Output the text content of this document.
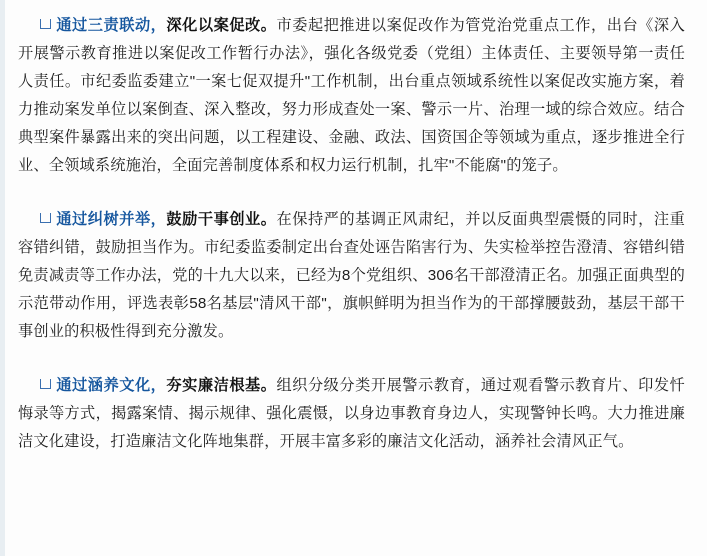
通过三责联动，深化以案促改。市委起把推进以案促改作为管党治党重点工作，出台《深入开展警示教育推进以案促改工作暂行办法》，强化各级党委（党组）主体责任、主要领导第一责任人责任。市纪委监委建立"一案七促双提升"工作机制，出台重点领域系统性以案促改实施方案，着力推动案发单位以案倒查、深入整改，努力形成查处一案、警示一片、治理一域的综合效应。结合典型案件暴露出来的突出问题，以工程建设、金融、政法、国资国企等领域为重点，逐步推进全行业、全领域系统施治，全面完善制度体系和权力运行机制，扎牢"不能腐"的笼子。

通过纠树并举，鼓励干事创业。在保持严的基调正风肃纪，并以反面典型震慑的同时，注重容错纠错，鼓励担当作为。市纪委监委制定出台查处诬告陷害行为、失实检举控告澄清、容错纠错免责减责等工作办法，党的十九大以来，已经为8个党组织、306名干部澄清正名。加强正面典型的示范带动作用，评选表彰58名基层"清风干部"，旗帜鲜明为担当作为的干部撑腰鼓劲，基层干部干事创业的积极性得到充分激发。

通过涵养文化，夯实廉洁根基。组织分级分类开展警示教育，通过观看警示教育片、印发忏悔录等方式，揭露案情、揭示规律、强化震慑，以身边事教育身边人，实现警钟长鸣。大力推进廉洁文化建设，打造廉洁文化阵地集群，开展丰富多彩的廉洁文化活动，涵养社会清风正气。
